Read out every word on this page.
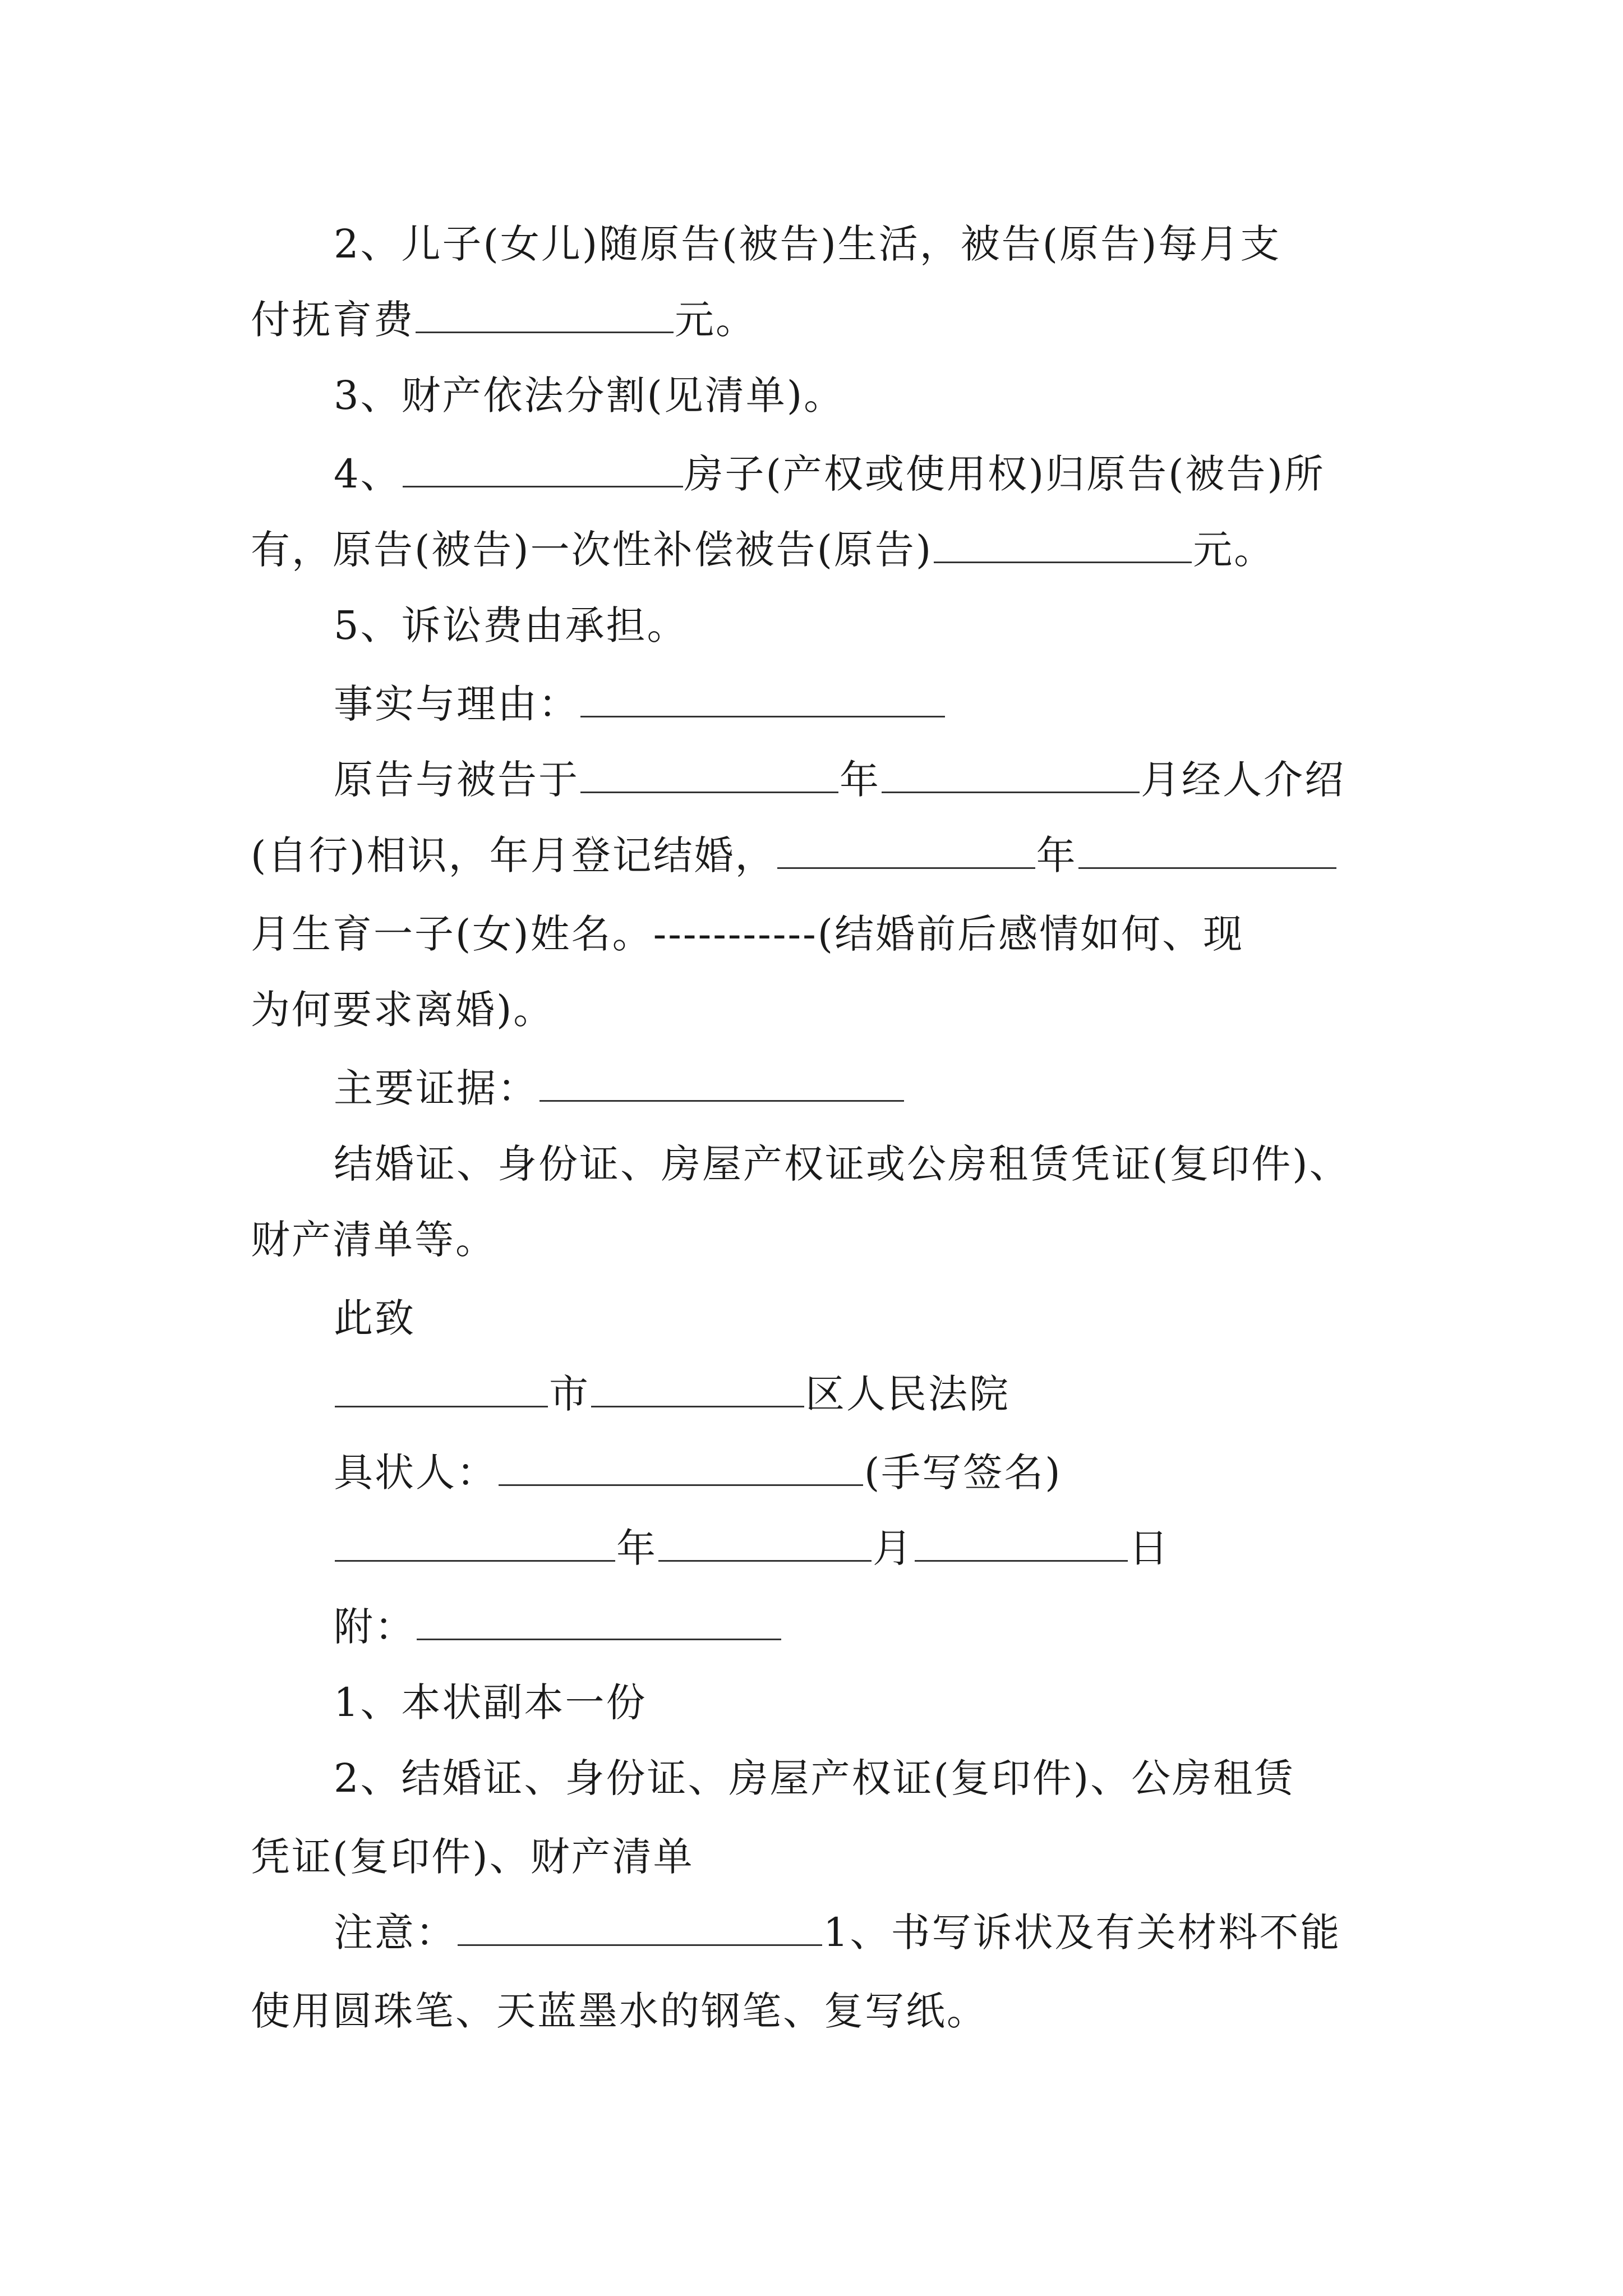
2、儿子(女儿)随原告(被告)生活，被告(原告)每月支
付抚育费	元。
3、财产依法分割(见清单)。
4、	房子(产权或使用权)归原告(被告)所
有，原告(被告)一次性补偿被告(原告)	元。
5、诉讼费由承担。
事实与理由：
原告与被告于	年	月经人介绍
(自行)相识，年月登记结婚，	年
月生育一子(女)姓名。-----------(结婚前后感情如何、现
为何要求离婚)。
主要证据：
结婚证、身份证、房屋产权证或公房租赁凭证(复印件)、
财产清单等。
此致
市	区人民法院
具状人：	(手写签名)
年	月	日
附：
1、本状副本一份
2、结婚证、身份证、房屋产权证(复印件)、公房租赁
凭证(复印件)、财产清单
注意：	1、书写诉状及有关材料不能
使用圆珠笔、天蓝墨水的钢笔、复写纸。
